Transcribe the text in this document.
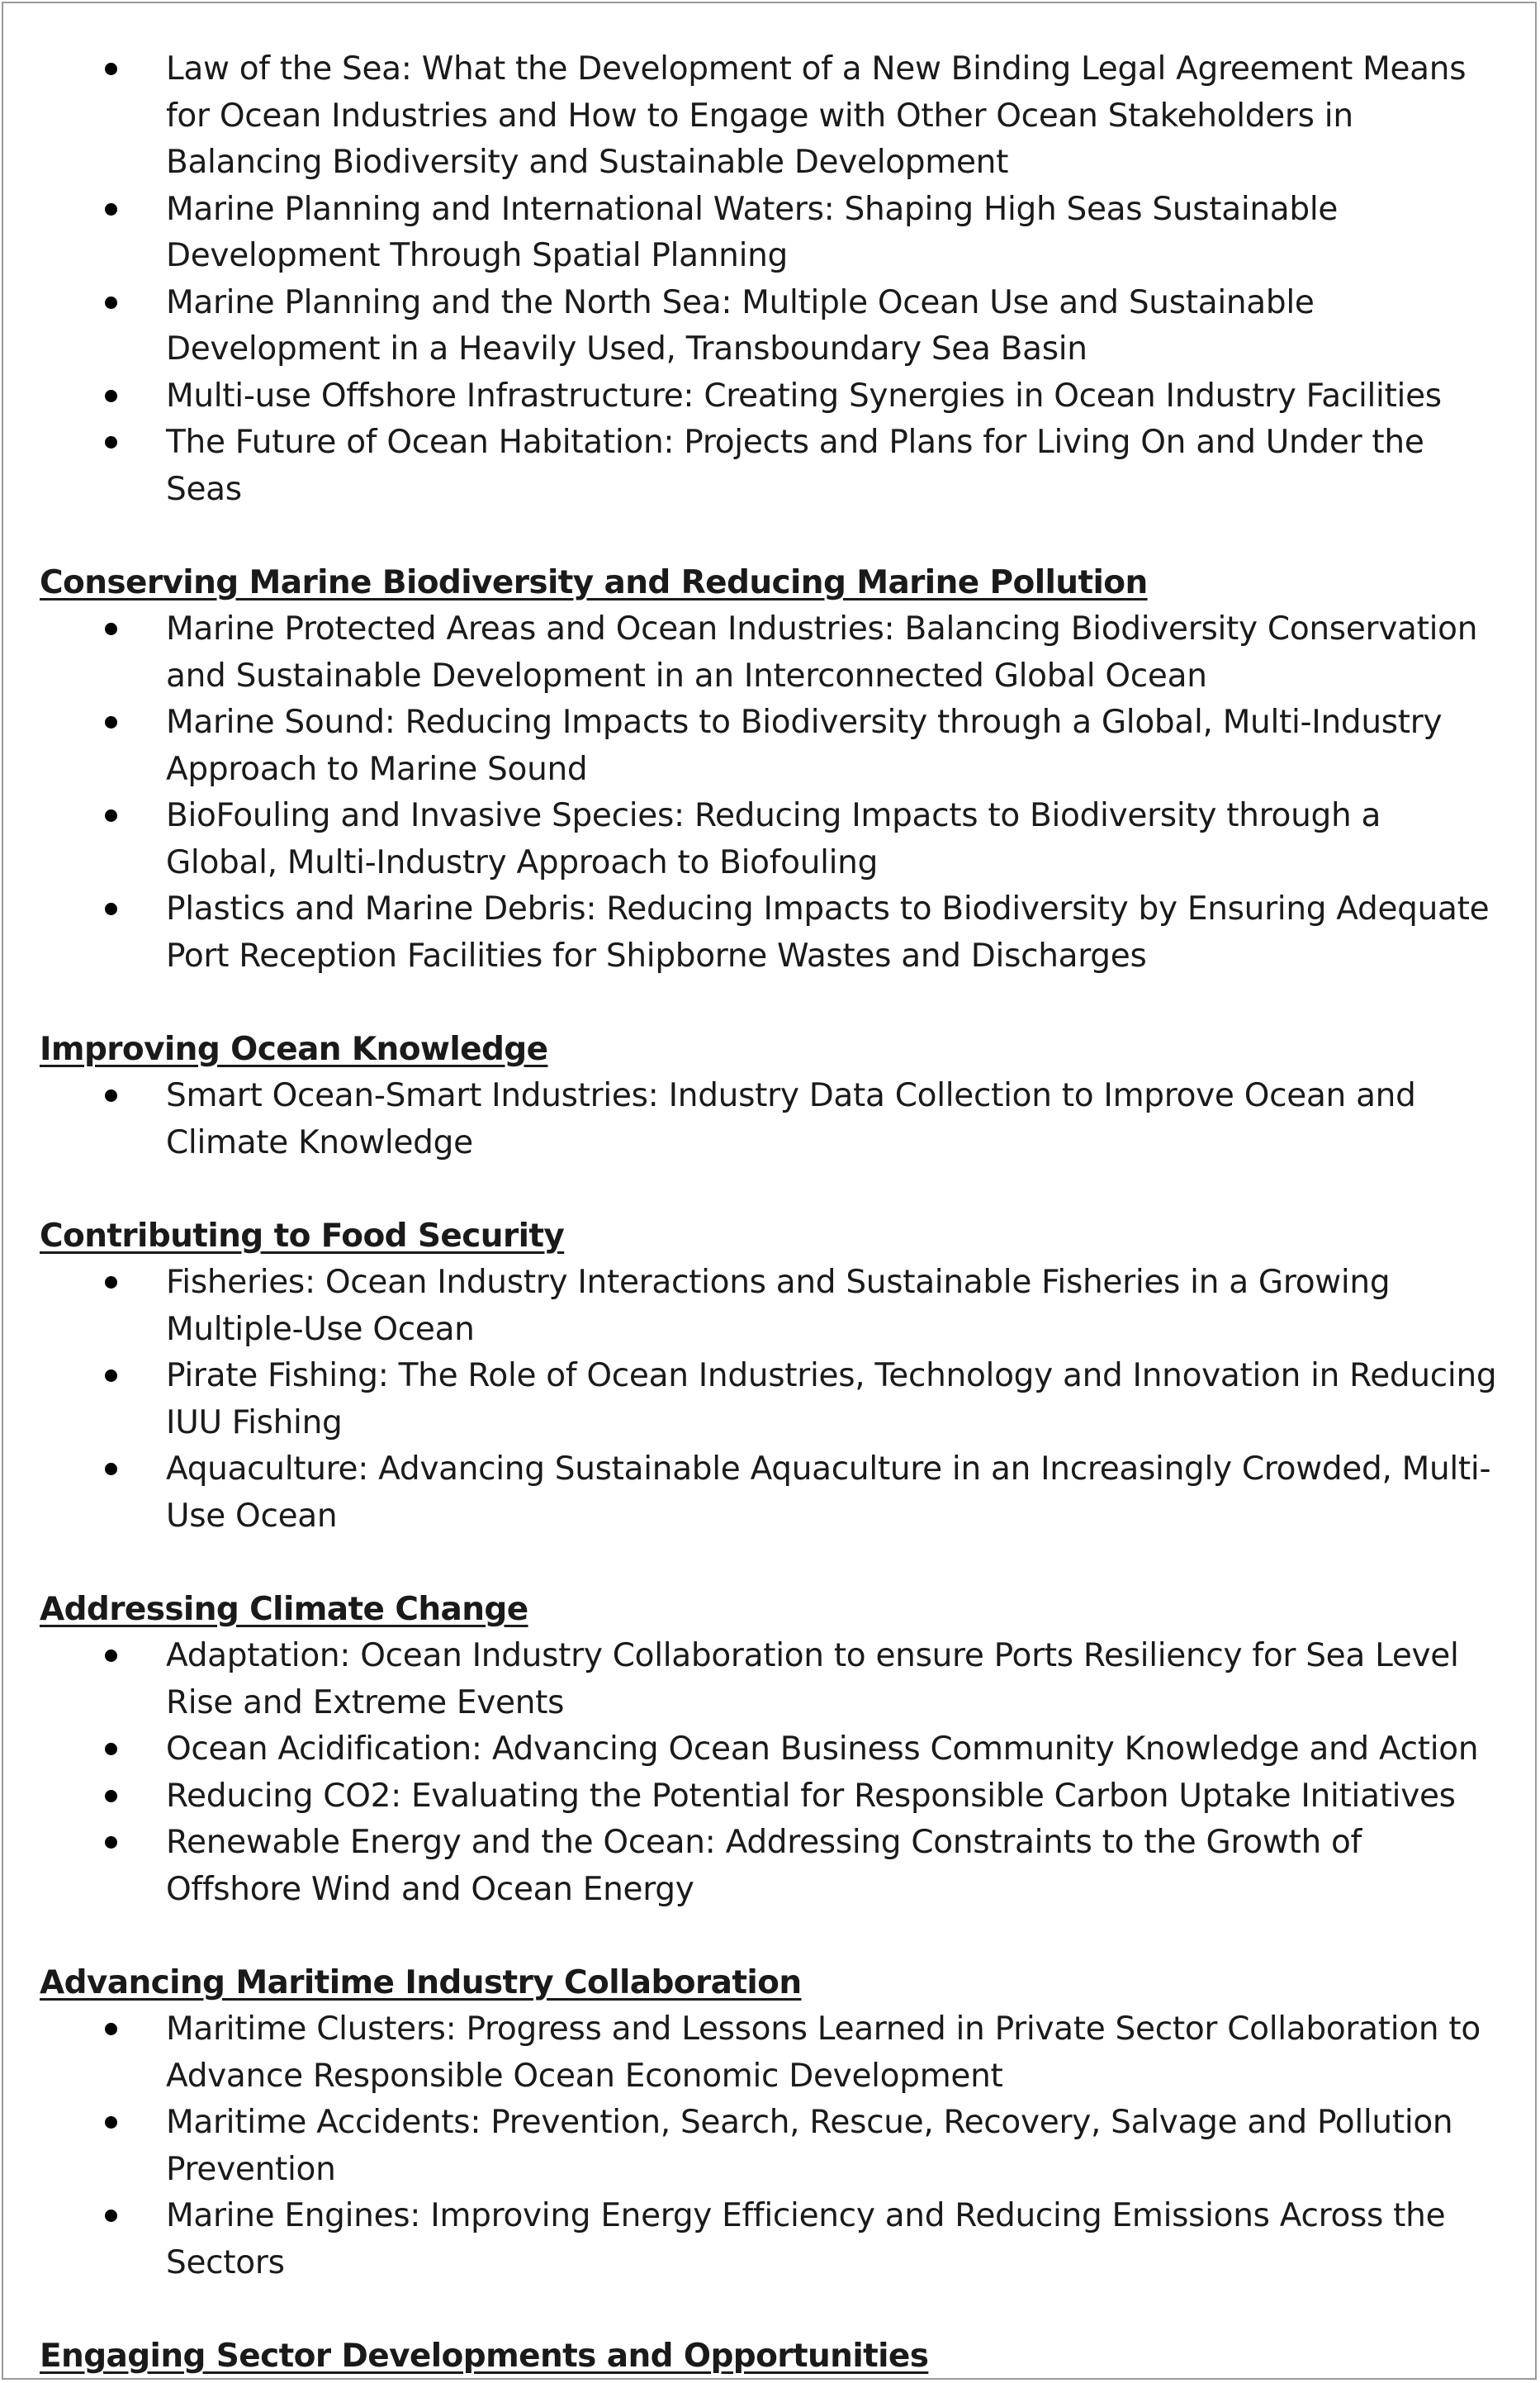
Law of the Sea: What the Development of a New Binding Legal Agreement Means for Ocean Industries and How to Engage with Other Ocean Stakeholders in Balancing Biodiversity and Sustainable Development
Marine Planning and International Waters: Shaping High Seas Sustainable Development Through Spatial Planning
Marine Planning and the North Sea: Multiple Ocean Use and Sustainable Development in a Heavily Used, Transboundary Sea Basin
Multi-use Offshore Infrastructure: Creating Synergies in Ocean Industry Facilities
The Future of Ocean Habitation: Projects and Plans for Living On and Under the Seas

Conserving Marine Biodiversity and Reducing Marine Pollution

Marine Protected Areas and Ocean Industries: Balancing Biodiversity Conservation and Sustainable Development in an Interconnected Global Ocean
Marine Sound: Reducing Impacts to Biodiversity through a Global, Multi-Industry Approach to Marine Sound
BioFouling and Invasive Species: Reducing Impacts to Biodiversity through a Global, Multi-Industry Approach to Biofouling
Plastics and Marine Debris: Reducing Impacts to Biodiversity by Ensuring Adequate Port Reception Facilities for Shipborne Wastes and Discharges

Improving Ocean Knowledge

Smart Ocean-Smart Industries: Industry Data Collection to Improve Ocean and Climate Knowledge

Contributing to Food Security

Fisheries: Ocean Industry Interactions and Sustainable Fisheries in a Growing Multiple-Use Ocean
Pirate Fishing: The Role of Ocean Industries, Technology and Innovation in Reducing IUU Fishing
Aquaculture: Advancing Sustainable Aquaculture in an Increasingly Crowded, Multi-Use Ocean

Addressing Climate Change

Adaptation: Ocean Industry Collaboration to ensure Ports Resiliency for Sea Level Rise and Extreme Events
Ocean Acidification: Advancing Ocean Business Community Knowledge and Action
Reducing CO2: Evaluating the Potential for Responsible Carbon Uptake Initiatives
Renewable Energy and the Ocean: Addressing Constraints to the Growth of Offshore Wind and Ocean Energy

Advancing Maritime Industry Collaboration

Maritime Clusters: Progress and Lessons Learned in Private Sector Collaboration to Advance Responsible Ocean Economic Development
Maritime Accidents: Prevention, Search, Rescue, Recovery, Salvage and Pollution Prevention
Marine Engines: Improving Energy Efficiency and Reducing Emissions Across the Sectors

Engaging Sector Developments and Opportunities
